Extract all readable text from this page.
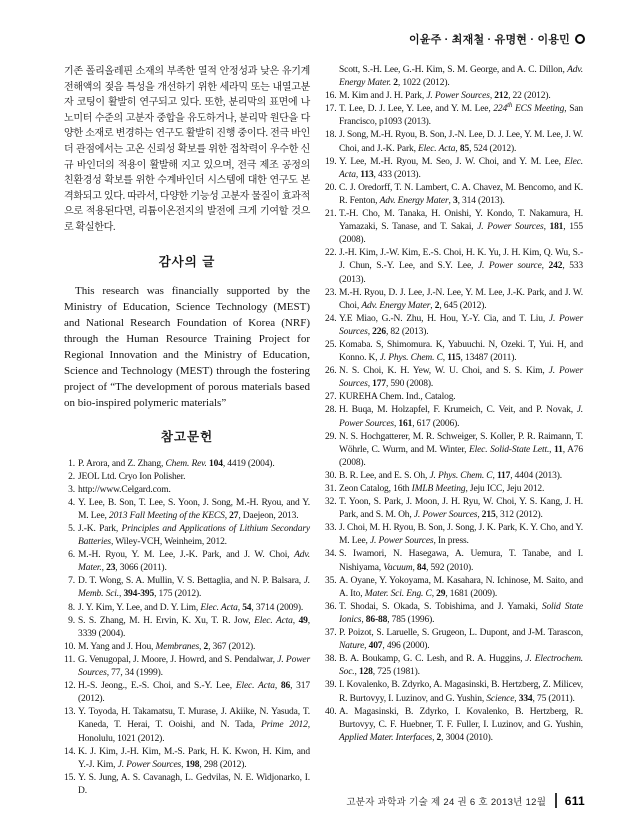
이윤주 · 최재철 · 유명현 · 이용민

기존 폴리올레핀 소재의 부족한 열적 안정성과 낮은 유기계 전해액의 젖음 특성을 개선하기 위한 세라믹 또는 내열고분자 코팅이 활발히 연구되고 있다. 또한, 분리막의 표면에 나노미터 수준의 고분자 중합을 유도하거나, 분리막 원단을 다양한 소재로 변경하는 연구도 활발히 진행 중이다. 전극 바인더 관점에서는 고온 신뢰성 확보를 위한 접착력이 우수한 신규 바인더의 적용이 활발해 지고 있으며, 전극 제조 공정의 친환경성 확보를 위한 수계바인더 시스템에 대한 연구도 본격화되고 있다. 따라서, 다양한 기능성 고분자 물질이 효과적으로 적용된다면, 리튬이온전지의 발전에 크게 기여할 것으로 확실한다.

감사의 글

This research was financially supported by the Ministry of Education, Science Technology (MEST) and National Research Foundation of Korea (NRF) through the Human Resource Training Project for Regional Innovation and the Ministry of Education, Science and Technology (MEST) through the fostering project of “The development of porous materials based on bio-inspired polymeric materials”

참고문헌
1. P. Arora, and Z. Zhang, Chem. Rev. 104, 4419 (2004).
2. JEOL Ltd. Cryo Ion Polisher.
3. http://www.Celgard.com.
4. Y. Lee, B. Son, T. Lee, S. Yoon, J. Song, M.-H. Ryou, and Y. M. Lee, 2013 Fall Meeting of the KECS, 27, Daejeon, 2013.
5. J.-K. Park, Principles and Applications of Lithium Secondary Batteries, Wiley-VCH, Weinheim, 2012.
6. M.-H. Ryou, Y. M. Lee, J.-K. Park, and J. W. Choi, Adv. Mater., 23, 3066 (2011).
7. D. T. Wong, S. A. Mullin, V. S. Bettaglia, and N. P. Balsara, J. Memb. Sci., 394-395, 175 (2012).
8. J. Y. Kim, Y. Lee, and D. Y. Lim, Elec. Acta, 54, 3714 (2009).
9. S. S. Zhang, M. H. Ervin, K. Xu, T. R. Jow, Elec. Acta, 49, 3339 (2004).
10. M. Yang and J. Hou, Membranes, 2, 367 (2012).
11. G. Venugopal, J. Moore, J. Howrd, and S. Pendalwar, J. Power Sources, 77, 34 (1999).
12. H.-S. Jeong., E.-S. Choi, and S.-Y. Lee, Elec. Acta, 86, 317 (2012).
13. Y. Toyoda, H. Takamatsu, T. Murase, J. Akiike, N. Yasuda, T. Kaneda, T. Herai, T. Ooishi, and N. Tada, Prime 2012, Honolulu, 1021 (2012).
14. K. J. Kim, J.-H. Kim, M.-S. Park, H. K. Kwon, H. Kim, and Y.-J. Kim, J. Power Sources, 198, 298 (2012).
15. Y. S. Jung, A. S. Cavanagh, L. Gedvilas, N. E. Widjonarko, I. D.
Scott, S.-H. Lee, G.-H. Kim, S. M. George, and A. C. Dillon, Adv. Energy Mater. 2, 1022 (2012).
16. M. Kim and J. H. Park, J. Power Sources, 212, 22 (2012).
17. T. Lee, D. J. Lee, Y. Lee, and Y. M. Lee, 224th ECS Meeting, San Francisco, p1093 (2013).
18. J. Song, M.-H. Ryou, B. Son, J.-N. Lee, D. J. Lee, Y. M. Lee, J. W. Choi, and J.-K. Park, Elec. Acta, 85, 524 (2012).
19. Y. Lee, M.-H. Ryou, M. Seo, J. W. Choi, and Y. M. Lee, Elec. Acta, 113, 433 (2013).
20. C. J. Oredorff, T. N. Lambert, C. A. Chavez, M. Bencomo, and K. R. Fenton, Adv. Energy Mater, 3, 314 (2013).
21. T.-H. Cho, M. Tanaka, H. Onishi, Y. Kondo, T. Nakamura, H. Yamazaki, S. Tanase, and T. Sakai, J. Power Sources, 181, 155 (2008).
22. J.-H. Kim, J.-W. Kim, E.-S. Choi, H. K. Yu, J. H. Kim, Q. Wu, S.-J. Chun, S.-Y. Lee, and S.Y. Lee, J. Power source, 242, 533 (2013).
23. M.-H. Ryou, D. J. Lee, J.-N. Lee, Y. M. Lee, J.-K. Park, and J. W. Choi, Adv. Energy Mater, 2, 645 (2012).
24. Y.E Miao, G.-N. Zhu, H. Hou, Y.-Y. Cia, and T. Liu, J. Power Sources, 226, 82 (2013).
25. Komaba. S, Shimomura. K, Yabuuchi. N, Ozeki. T, Yui. H, and Konno. K, J. Phys. Chem. C, 115, 13487 (2011).
26. N. S. Choi, K. H. Yew, W. U. Choi, and S. S. Kim, J. Power Sources, 177, 590 (2008).
27. KUREHA Chem. Ind., Catalog.
28. H. Buqa, M. Holzapfel, F. Krumeich, C. Veit, and P. Novak, J. Power Sources, 161, 617 (2006).
29. N. S. Hochgatterer, M. R. Schweiger, S. Koller, P. R. Raimann, T. Wöhrle, C. Wurm, and M. Winter, Elec. Solid-State Lett., 11, A76 (2008).
30. B. R. Lee, and E. S. Oh, J. Phys. Chem. C, 117, 4404 (2013).
31. Zeon Catalog, 16th IMLB Meeting, Jeju ICC, Jeju 2012.
32. T. Yoon, S. Park, J. Moon, J. H. Ryu, W. Choi, Y. S. Kang, J. H. Park, and S. M. Oh, J. Power Sources, 215, 312 (2012).
33. J. Choi, M. H. Ryou, B. Son, J. Song, J. K. Park, K. Y. Cho, and Y. M. Lee, J. Power Sources, In press.
34. S. Iwamori, N. Hasegawa, A. Uemura, T. Tanabe, and I. Nishiyama, Vacuum, 84, 592 (2010).
35. A. Oyane, Y. Yokoyama, M. Kasahara, N. Ichinose, M. Saito, and A. Ito, Mater. Sci. Eng. C, 29, 1681 (2009).
36. T. Shodai, S. Okada, S. Tobishima, and J. Yamaki, Solid State Ionics, 86-88, 785 (1996).
37. P. Poizot, S. Laruelle, S. Grugeon, L. Dupont, and J-M. Tarascon, Nature, 407, 496 (2000).
38. B. A. Boukamp, G. C. Lesh, and R. A. Huggins, J. Electrochem. Soc., 128, 725 (1981).
39. I. Kovalenko, B. Zdyrko, A. Magasinski, B. Hertzberg, Z. Milicev, R. Burtovyy, I. Luzinov, and G. Yushin, Science, 334, 75 (2011).
40. A. Magasinski, B. Zdyrko, I. Kovalenko, B. Hertzberg, R. Burtovyy, C. F. Huebner, T. F. Fuller, I. Luzinov, and G. Yushin, Applied Mater. Interfaces, 2, 3004 (2010).
고분자 과학과 기술 제 24 권 6 호 2013년 12월 611
